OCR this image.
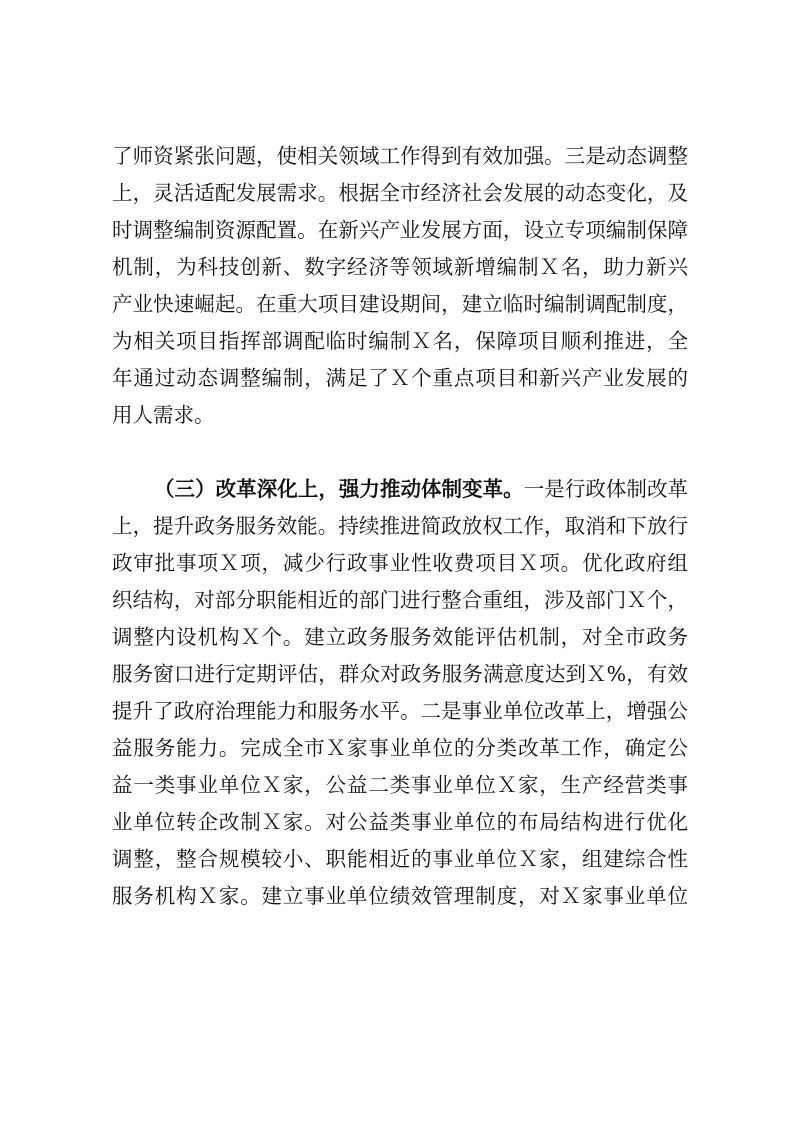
了师资紧张问题，使相关领域工作得到有效加强。三是动态调整
上，灵活适配发展需求。根据全市经济社会发展的动态变化，及
时调整编制资源配置。在新兴产业发展方面，设立专项编制保障
机制，为科技创新、数字经济等领域新增编制Ｘ名，助力新兴
产业快速崛起。在重大项目建设期间，建立临时编制调配制度，
为相关项目指挥部调配临时编制Ｘ名，保障项目顺利推进，全
年通过动态调整编制，满足了Ｘ个重点项目和新兴产业发展的
用人需求。
（三）改革深化上，强力推动体制变革。一是行政体制改革
上，提升政务服务效能。持续推进简政放权工作，取消和下放行
政审批事项Ｘ项，减少行政事业性收费项目Ｘ项。优化政府组
织结构，对部分职能相近的部门进行整合重组，涉及部门Ｘ个，
调整内设机构Ｘ个。建立政务服务效能评估机制，对全市政务
服务窗口进行定期评估，群众对政务服务满意度达到Ｘ%，有效
提升了政府治理能力和服务水平。二是事业单位改革上，增强公
益服务能力。完成全市Ｘ家事业单位的分类改革工作，确定公
益一类事业单位Ｘ家，公益二类事业单位Ｘ家，生产经营类事
业单位转企改制Ｘ家。对公益类事业单位的布局结构进行优化
调整，整合规模较小、职能相近的事业单位Ｘ家，组建综合性
服务机构Ｘ家。建立事业单位绩效管理制度，对Ｘ家事业单位
